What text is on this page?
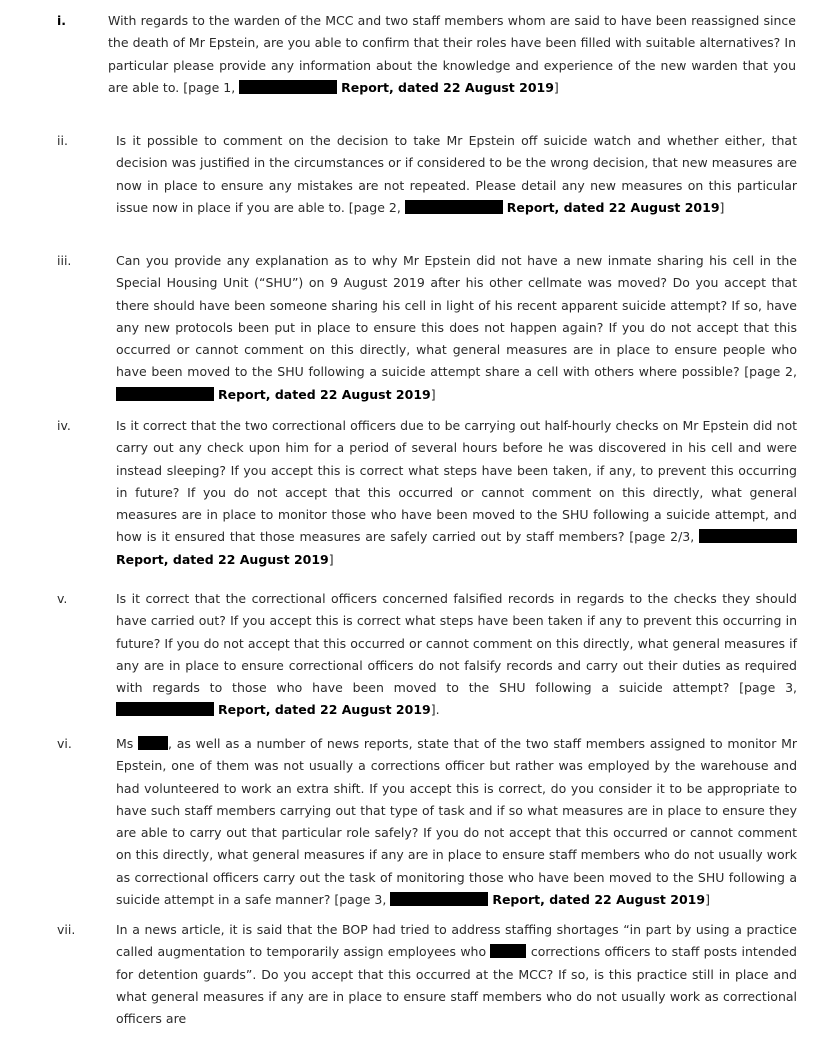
i.	With regards to the warden of the MCC and two staff members whom are said to have been reassigned since the death of Mr Epstein, are you able to confirm that their roles have been filled with suitable alternatives? In particular please provide any information about the knowledge and experience of the new warden that you are able to. [page 1,	Report, dated 22 August 2019]
ii.	Is it possible to comment on the decision to take Mr Epstein off suicide watch and whether either, that decision was justified in the circumstances or if considered to be the wrong decision, that new measures are now in place to ensure any mistakes are not repeated. Please detail any new measures on this particular issue now in place if you are able to. [page 2,	Report, dated 22 August 2019]
iii.	Can you provide any explanation as to why Mr Epstein did not have a new inmate sharing his cell in the Special Housing Unit (“SHU”) on 9 August 2019 after his other cellmate was moved? Do you accept that there should have been someone sharing his cell in light of his recent apparent suicide attempt? If so, have any new protocols been put in place to ensure this does not happen again? If you do not accept that this occurred or cannot comment on this directly, what general measures are in place to ensure people who have been moved to the SHU following a suicide attempt share a cell with others where possible? [page 2,  Report, dated 22 August 2019]
iv.	Is it correct that the two correctional officers due to be carrying out half-hourly checks on Mr Epstein did not carry out any check upon him for a period of several hours before he was discovered in his cell and were instead sleeping? If you accept this is correct what steps have been taken, if any, to prevent this occurring in future? If you do not accept that this occurred or cannot comment on this directly, what general measures are in place to monitor those who have been moved to the SHU following a suicide attempt, and how is it ensured that those measures are safely carried out by staff members? [page 2/3,  Report, dated 22 August 2019]
v.	Is it correct that the correctional officers concerned falsified records in regards to the checks they should have carried out? If you accept this is correct what steps have been taken if any to prevent this occurring in future? If you do not accept that this occurred or cannot comment on this directly, what general measures if any are in place to ensure correctional officers do not falsify records and carry out their duties as required with regards to those who have been moved to the SHU following a suicide attempt? [page 3,  Report, dated 22 August 2019].
vi.	Ms	, as well as a number of news reports, state that of the two staff members assigned to monitor Mr Epstein, one of them was not usually a corrections officer but rather was employed by the warehouse and had volunteered to work an extra shift. If you accept this is correct, do you consider it to be appropriate to have such staff members carrying out that type of task and if so what measures are in place to ensure they are able to carry out that particular role safely? If you do not accept that this occurred or cannot comment on this directly, what general measures if any are in place to ensure staff members who do not usually work as correctional officers carry out the task of monitoring those who have been moved to the SHU following a suicide attempt in a safe manner? [page 3,	Report, dated 22 August 2019]
vii.	In a news article, it is said that the BOP had tried to address staffing shortages “in part by using a practice called augmentation to temporarily assign employees who	corrections officers to staff posts intended for detention guards”. Do you accept that this occurred at the MCC? If so, is this practice still in place and what general measures if any are in place to ensure staff members who do not usually work as correctional officers are
